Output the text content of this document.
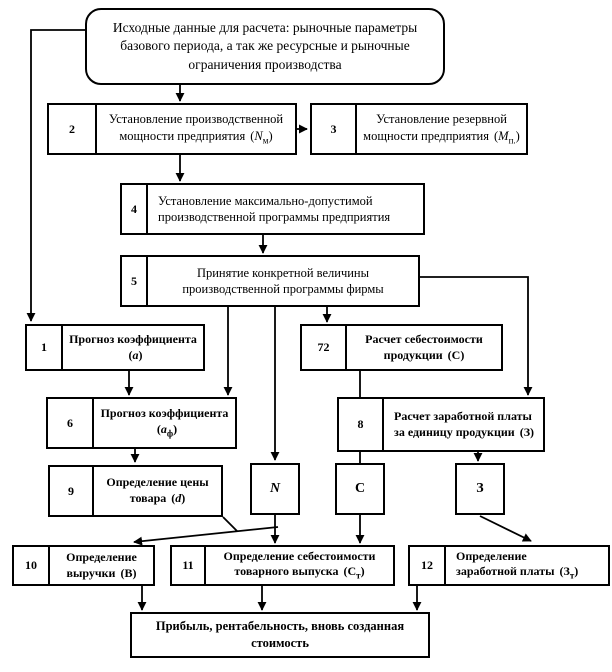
Исходные данные для расчета: рыночные параметры базового периода, а так же ресурсные и рыночные ограничения производства
2
Установление производственной мощности предприятия $(N_м)$
3
Установление резервной мощности предприятия $(M_{п.})$
4
Установление максимально-допустимой производственной программы предприятия
5
Принятие конкретной величины производственной программы фирмы
1
Прогноз коэффициента
(а)
72
Расчет себестоимости продукции (С)
6
Прогноз коэффициента
$(а_ф)$	8
Расчет заработной платы за единицу продукции (З)
9
Определение цены товара (d)
N	С	З
10
Определение выручки (В)
11
Определение себестоимости товарного выпуска $(С_т)$	12
Определение
заработной платы $(З_т)$
Прибыль, рентабельность, вновь созданная стоимость
